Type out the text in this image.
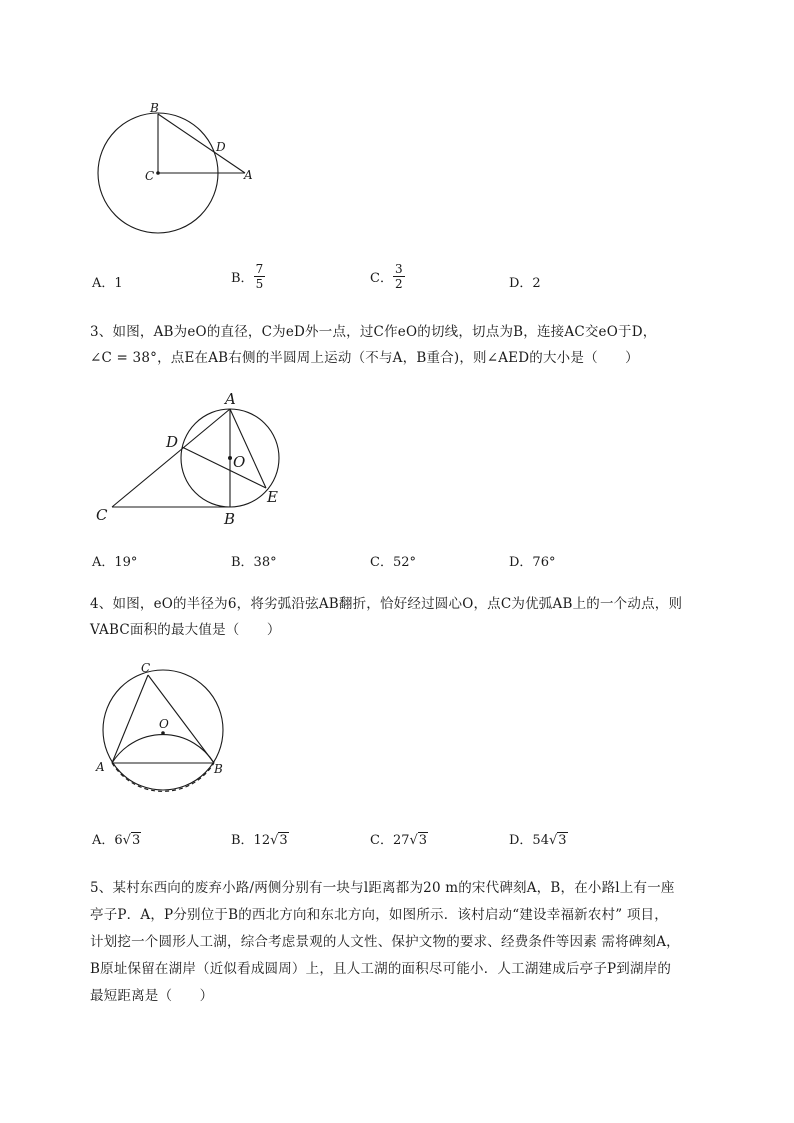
B
D
C	A
A．1	B． $\frac{7}{5}$	C． $\frac{3}{2}$	D．2
3、如图，AB为eO的直径，C为eD外一点，过C作eO的切线，切点为B，连接AC交eO于D，
∠C = 38°，点E在AB右侧的半圆周上运动（不与A，B重合)，则∠AED的大小是（　　）
A
D
O
E
C	B
A．19°	B．38°	C．52°	D．76°
4、如图，eO的半径为6，将劣弧沿弦AB翻折，恰好经过圆心O，点C为优弧AB上的一个动点，则
VABC面积的最大值是（　　）
C
O
A	B
A．6√3	B．12√3	C．27√3	D．54√3
5、某村东西向的废弃小路/两侧分别有一块与l距离都为20 m的宋代碑刻A，B，在小路l上有一座
亭子P．A，P分别位于B的西北方向和东北方向，如图所示．该村启动“建设幸福新农村” 项目，
计划挖一个圆形人工湖，综合考虑景观的人文性、保护文物的要求、经费条件等因素 需将碑刻A，
B原址保留在湖岸（近似看成圆周）上，且人工湖的面积尽可能小．人工湖建成后亭子P到湖岸的
最短距离是（　　）
